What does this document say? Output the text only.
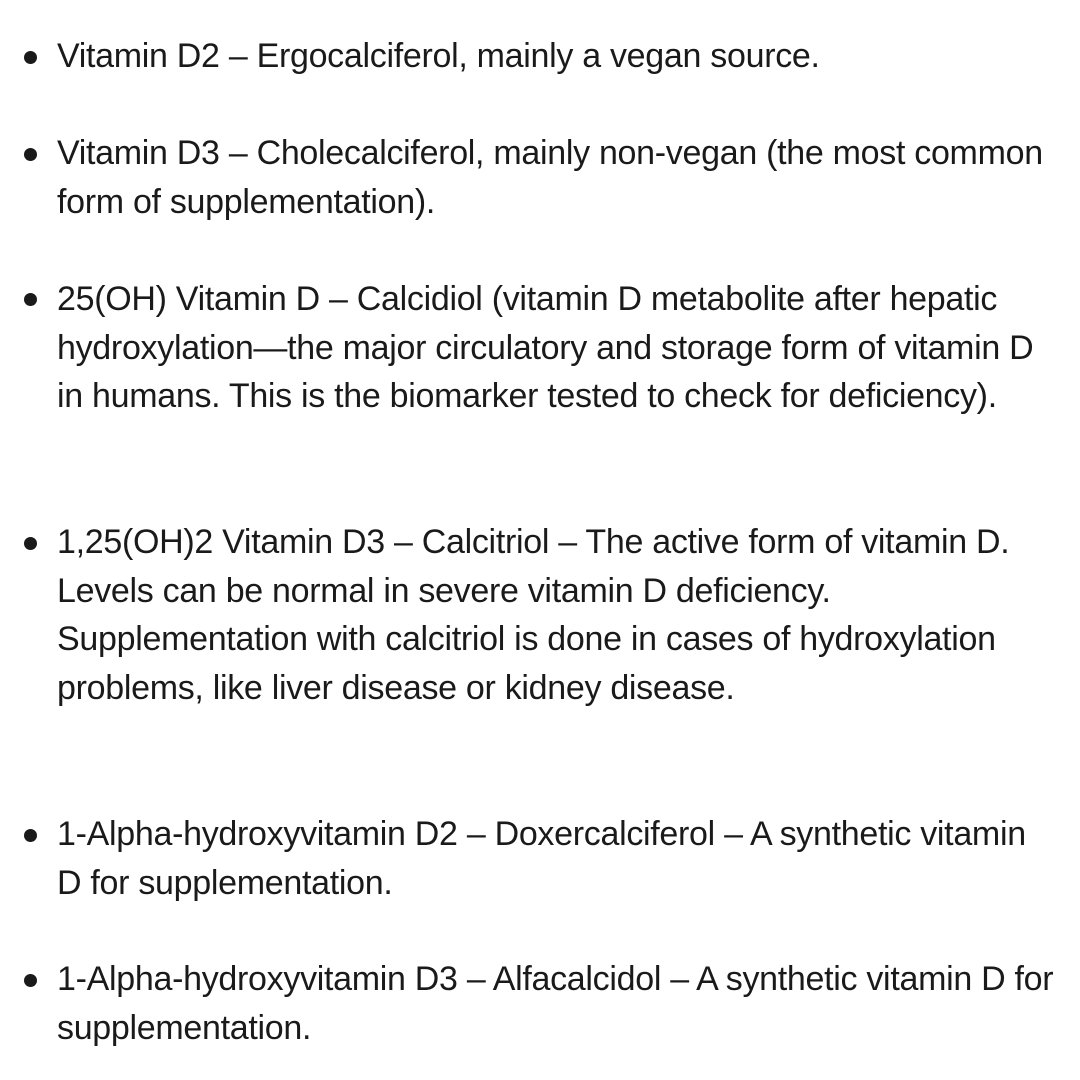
Vitamin D2 – Ergocalciferol, mainly a vegan source.
Vitamin D3 – Cholecalciferol, mainly non-vegan (the most common form of supplementation).
25(OH) Vitamin D – Calcidiol (vitamin D metabolite after hepatic hydroxylation—the major circulatory and storage form of vitamin D in humans. This is the biomarker tested to check for deficiency).
1,25(OH)2 Vitamin D3 – Calcitriol – The active form of vitamin D. Levels can be normal in severe vitamin D deficiency. Supplementation with calcitriol is done in cases of hydroxylation problems, like liver disease or kidney disease.
1-Alpha-hydroxyvitamin D2 – Doxercalciferol – A synthetic vitamin D for supplementation.
1-Alpha-hydroxyvitamin D3 – Alfacalcidol – A synthetic vitamin D for supplementation.
